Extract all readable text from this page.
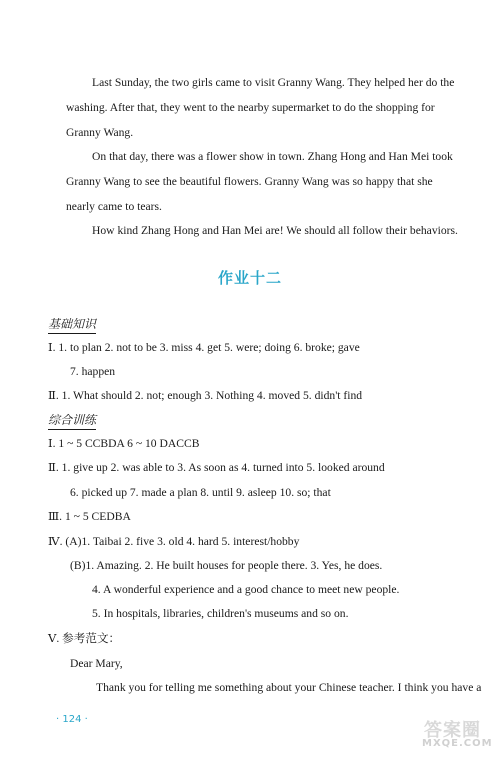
Last Sunday, the two girls came to visit Granny Wang. They helped her do the
washing. After that, they went to the nearby supermarket to do the shopping for
Granny Wang.
On that day, there was a flower show in town. Zhang Hong and Han Mei took
Granny Wang to see the beautiful flowers. Granny Wang was so happy that she
nearly came to tears.
How kind Zhang Hong and Han Mei are! We should all follow their behaviors.
作业十二
基础知识
Ⅰ. 1. to plan 2. not to be 3. miss 4. get 5. were; doing 6. broke; gave
7. happen
Ⅱ. 1. What should 2. not; enough 3. Nothing 4. moved 5. didn't find
综合训练
Ⅰ. 1 ~ 5 CCBDA 6 ~ 10 DACCB
Ⅱ. 1. give up 2. was able to 3. As soon as 4. turned into 5. looked around
6. picked up 7. made a plan 8. until 9. asleep 10. so; that
Ⅲ. 1 ~ 5 CEDBA
Ⅳ. (A)1. Taibai 2. five 3. old 4. hard 5. interest/hobby
(B)1. Amazing. 2. He built houses for people there. 3. Yes, he does.
4. A wonderful experience and a good chance to meet new people.
5. In hospitals, libraries, children's museums and so on.
Ⅴ. 参考范文：
Dear Mary,
Thank you for telling me something about your Chinese teacher. I think you have a
· 124 ·
答案圈
MXQE.COM
